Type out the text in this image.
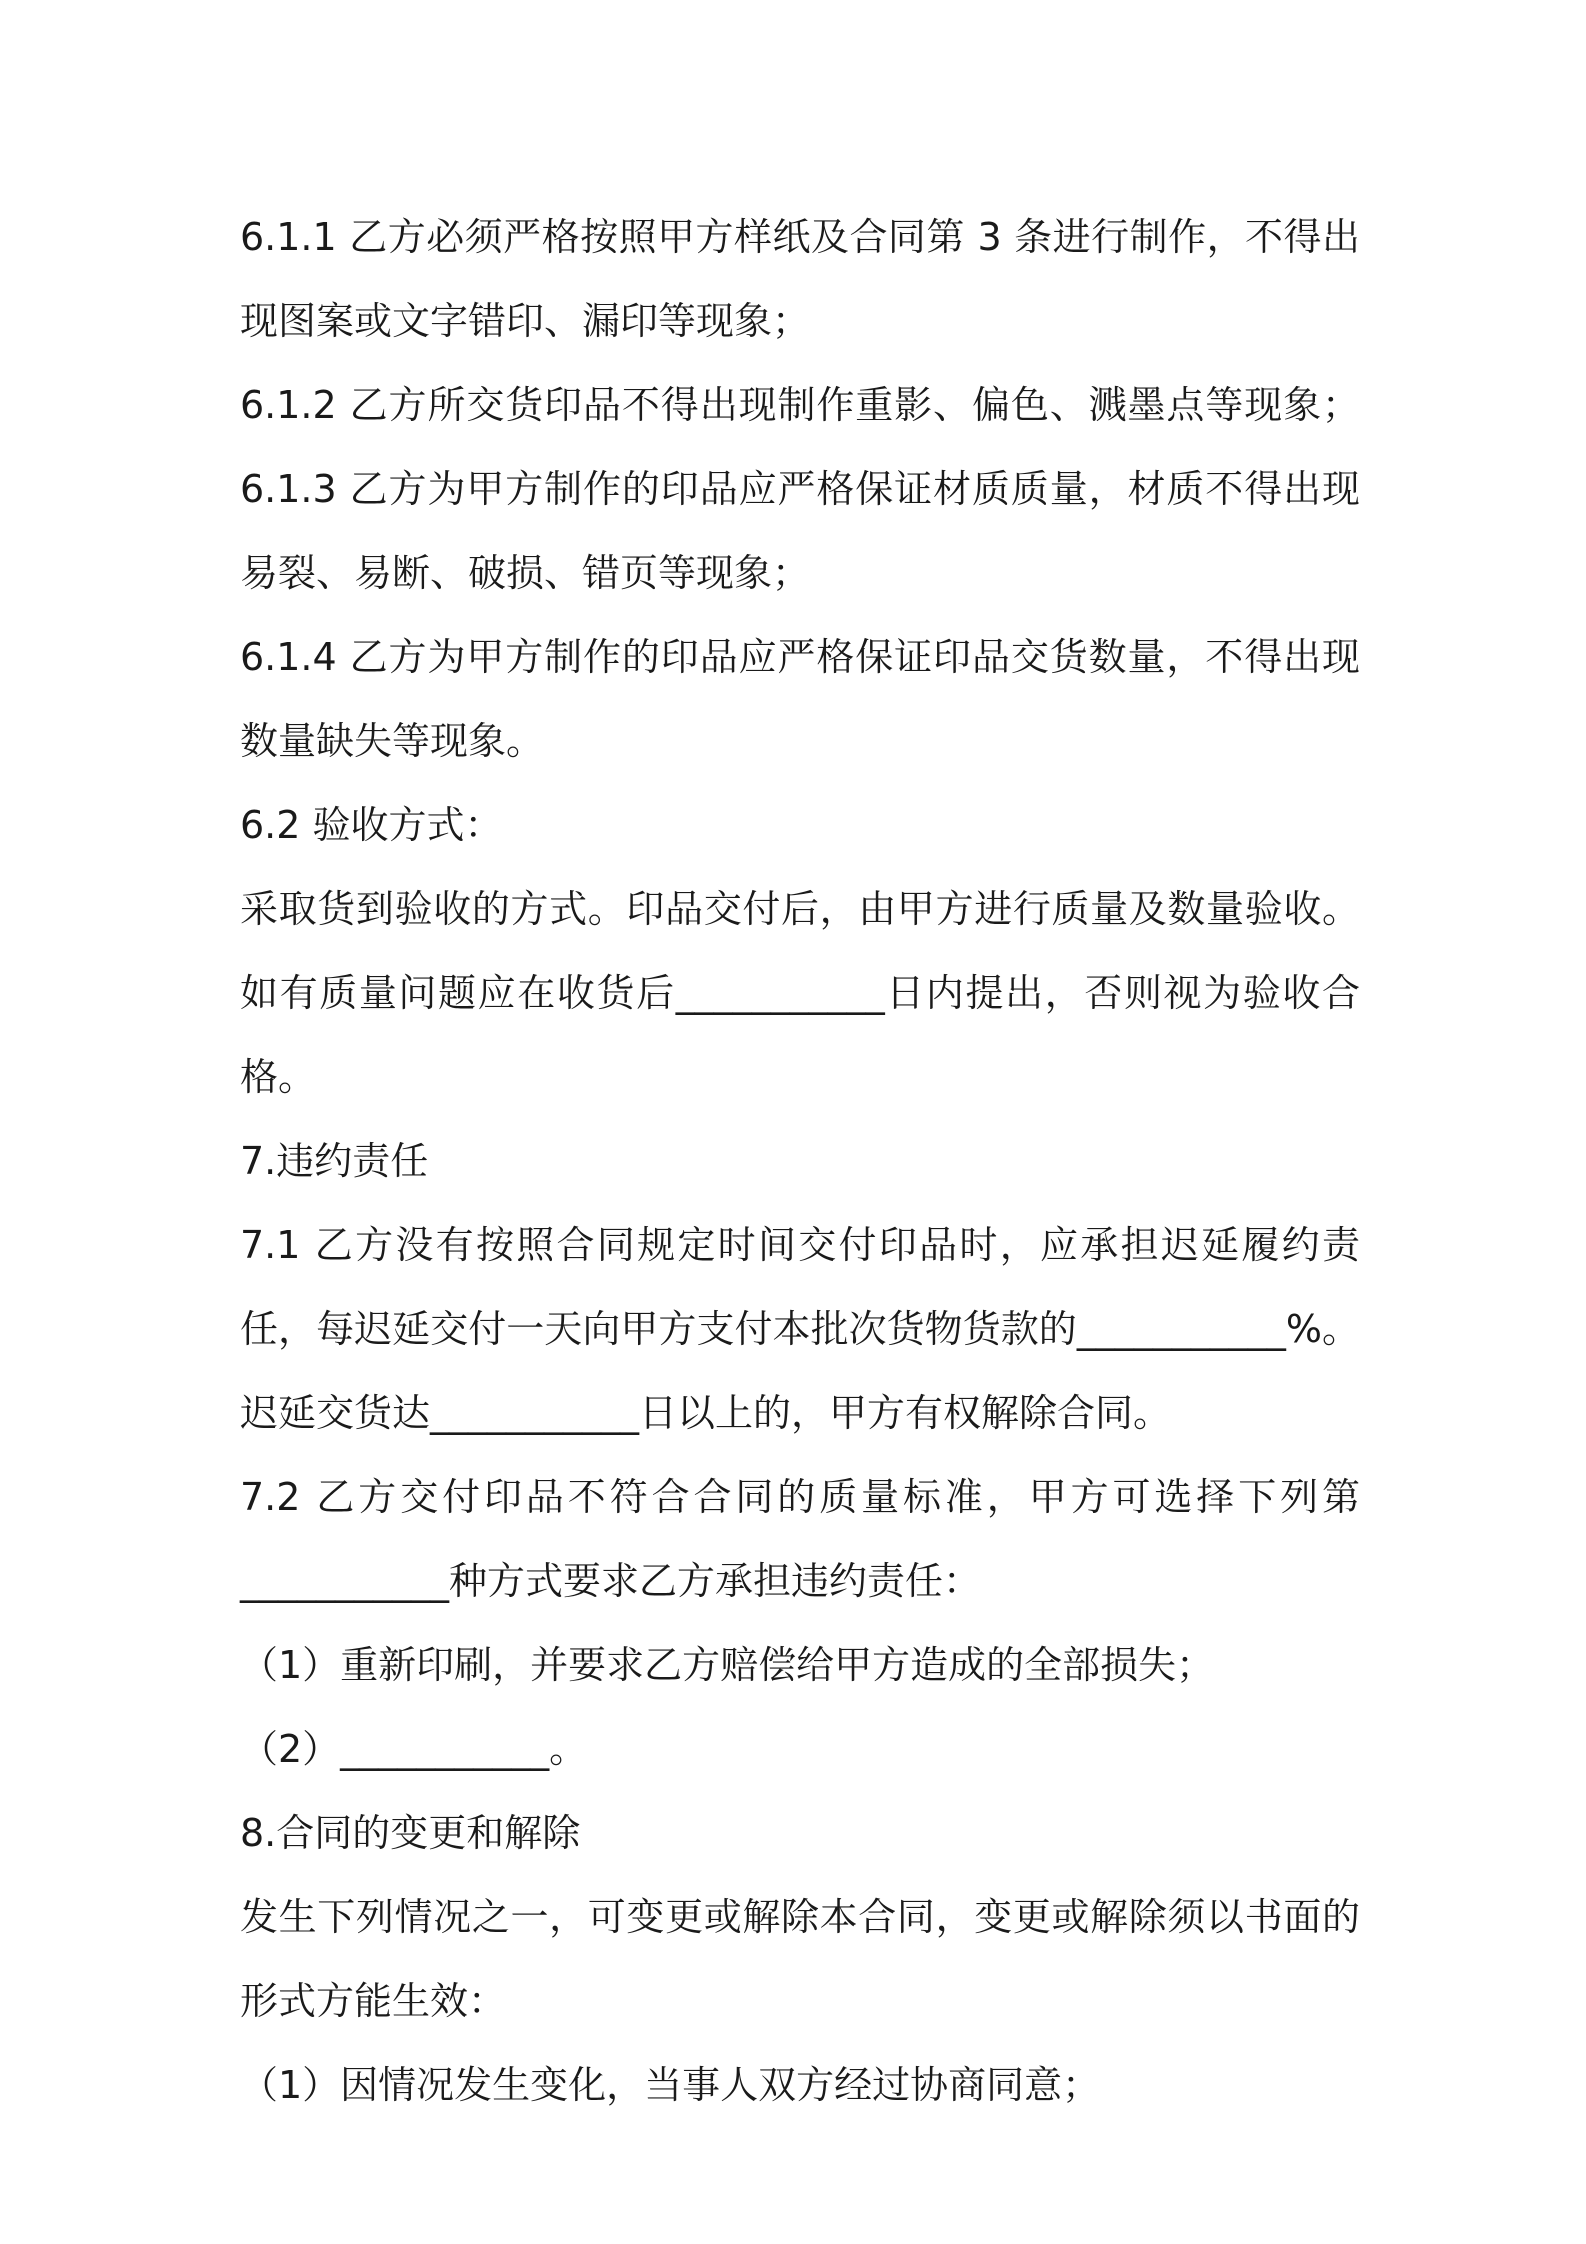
6.1.1 乙方必须严格按照甲方样纸及合同第 3 条进行制作，不得出现图案或文字错印、漏印等现象；

6.1.2 乙方所交货印品不得出现制作重影、偏色、溅墨点等现象；6.1.3 乙方为甲方制作的印品应严格保证材质质量，材质不得出现易裂、易断、破损、错页等现象；

6.1.4 乙方为甲方制作的印品应严格保证印品交货数量，不得出现数量缺失等现象。

6.2 验收方式：

采取货到验收的方式。印品交付后，由甲方进行质量及数量验收。如有质量问题应在收货后___________日内提出，否则视为验收合格。

7.违约责任

7.1 乙方没有按照合同规定时间交付印品时，应承担迟延履约责任，每迟延交付一天向甲方支付本批次货物货款的___________%。迟延交货达___________日以上的，甲方有权解除合同。

7.2 乙方交付印品不符合合同的质量标准，甲方可选择下列第___________种方式要求乙方承担违约责任：

（1）重新印刷，并要求乙方赔偿给甲方造成的全部损失；

（2）___________。

8.合同的变更和解除

发生下列情况之一，可变更或解除本合同，变更或解除须以书面的形式方能生效：

（1）因情况发生变化，当事人双方经过协商同意；
